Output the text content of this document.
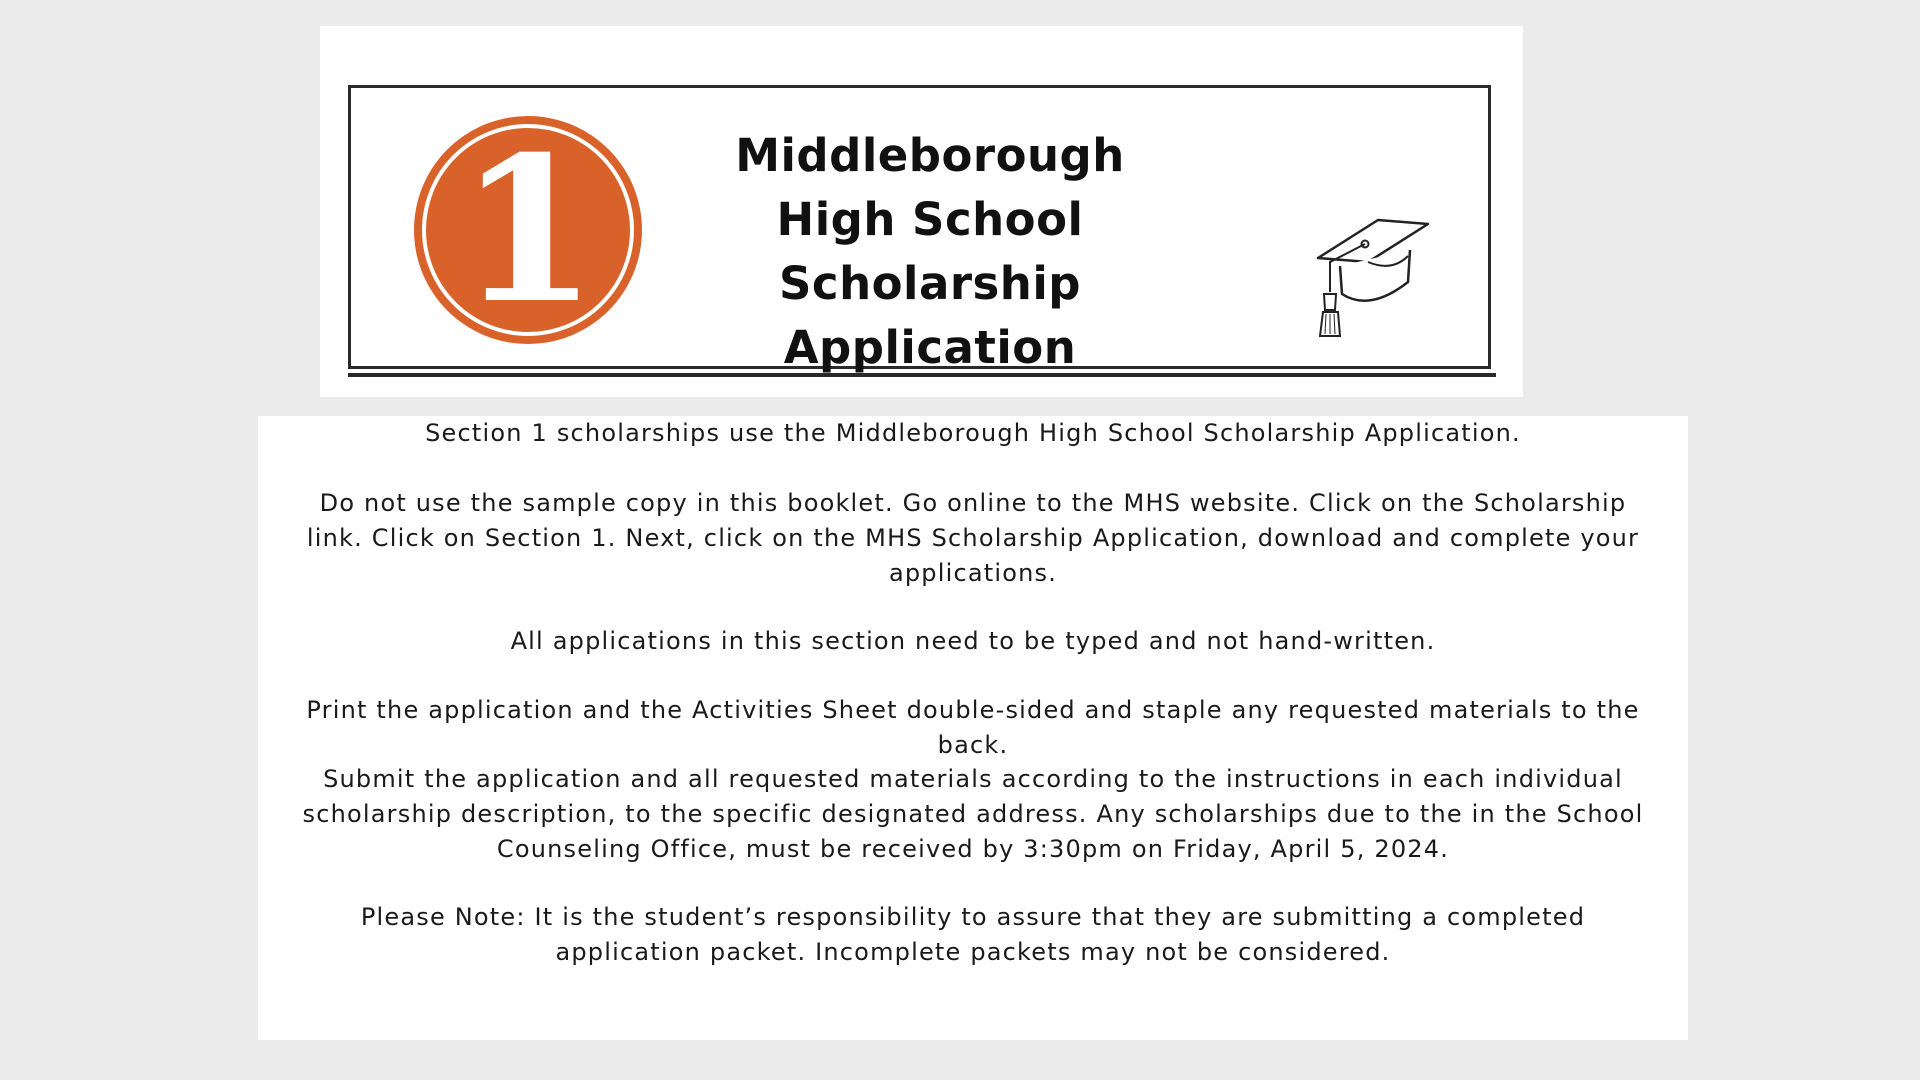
1	Middleborough High School Scholarship Application

Section 1 scholarships use the Middleborough High School Scholarship Application.

Do not use the sample copy in this booklet. Go online to the MHS website. Click on the Scholarship link. Click on Section 1. Next, click on the MHS Scholarship Application, download and complete your applications.

All applications in this section need to be typed and not hand-written.

Print the application and the Activities Sheet double-sided and staple any requested materials to the back.

Submit the application and all requested materials according to the instructions in each individual scholarship description, to the specific designated address. Any scholarships due to the in the School Counseling Office, must be received by 3:30pm on Friday, April 5, 2024.

Please Note: It is the student’s responsibility to assure that they are submitting a completed application packet. Incomplete packets may not be considered.
